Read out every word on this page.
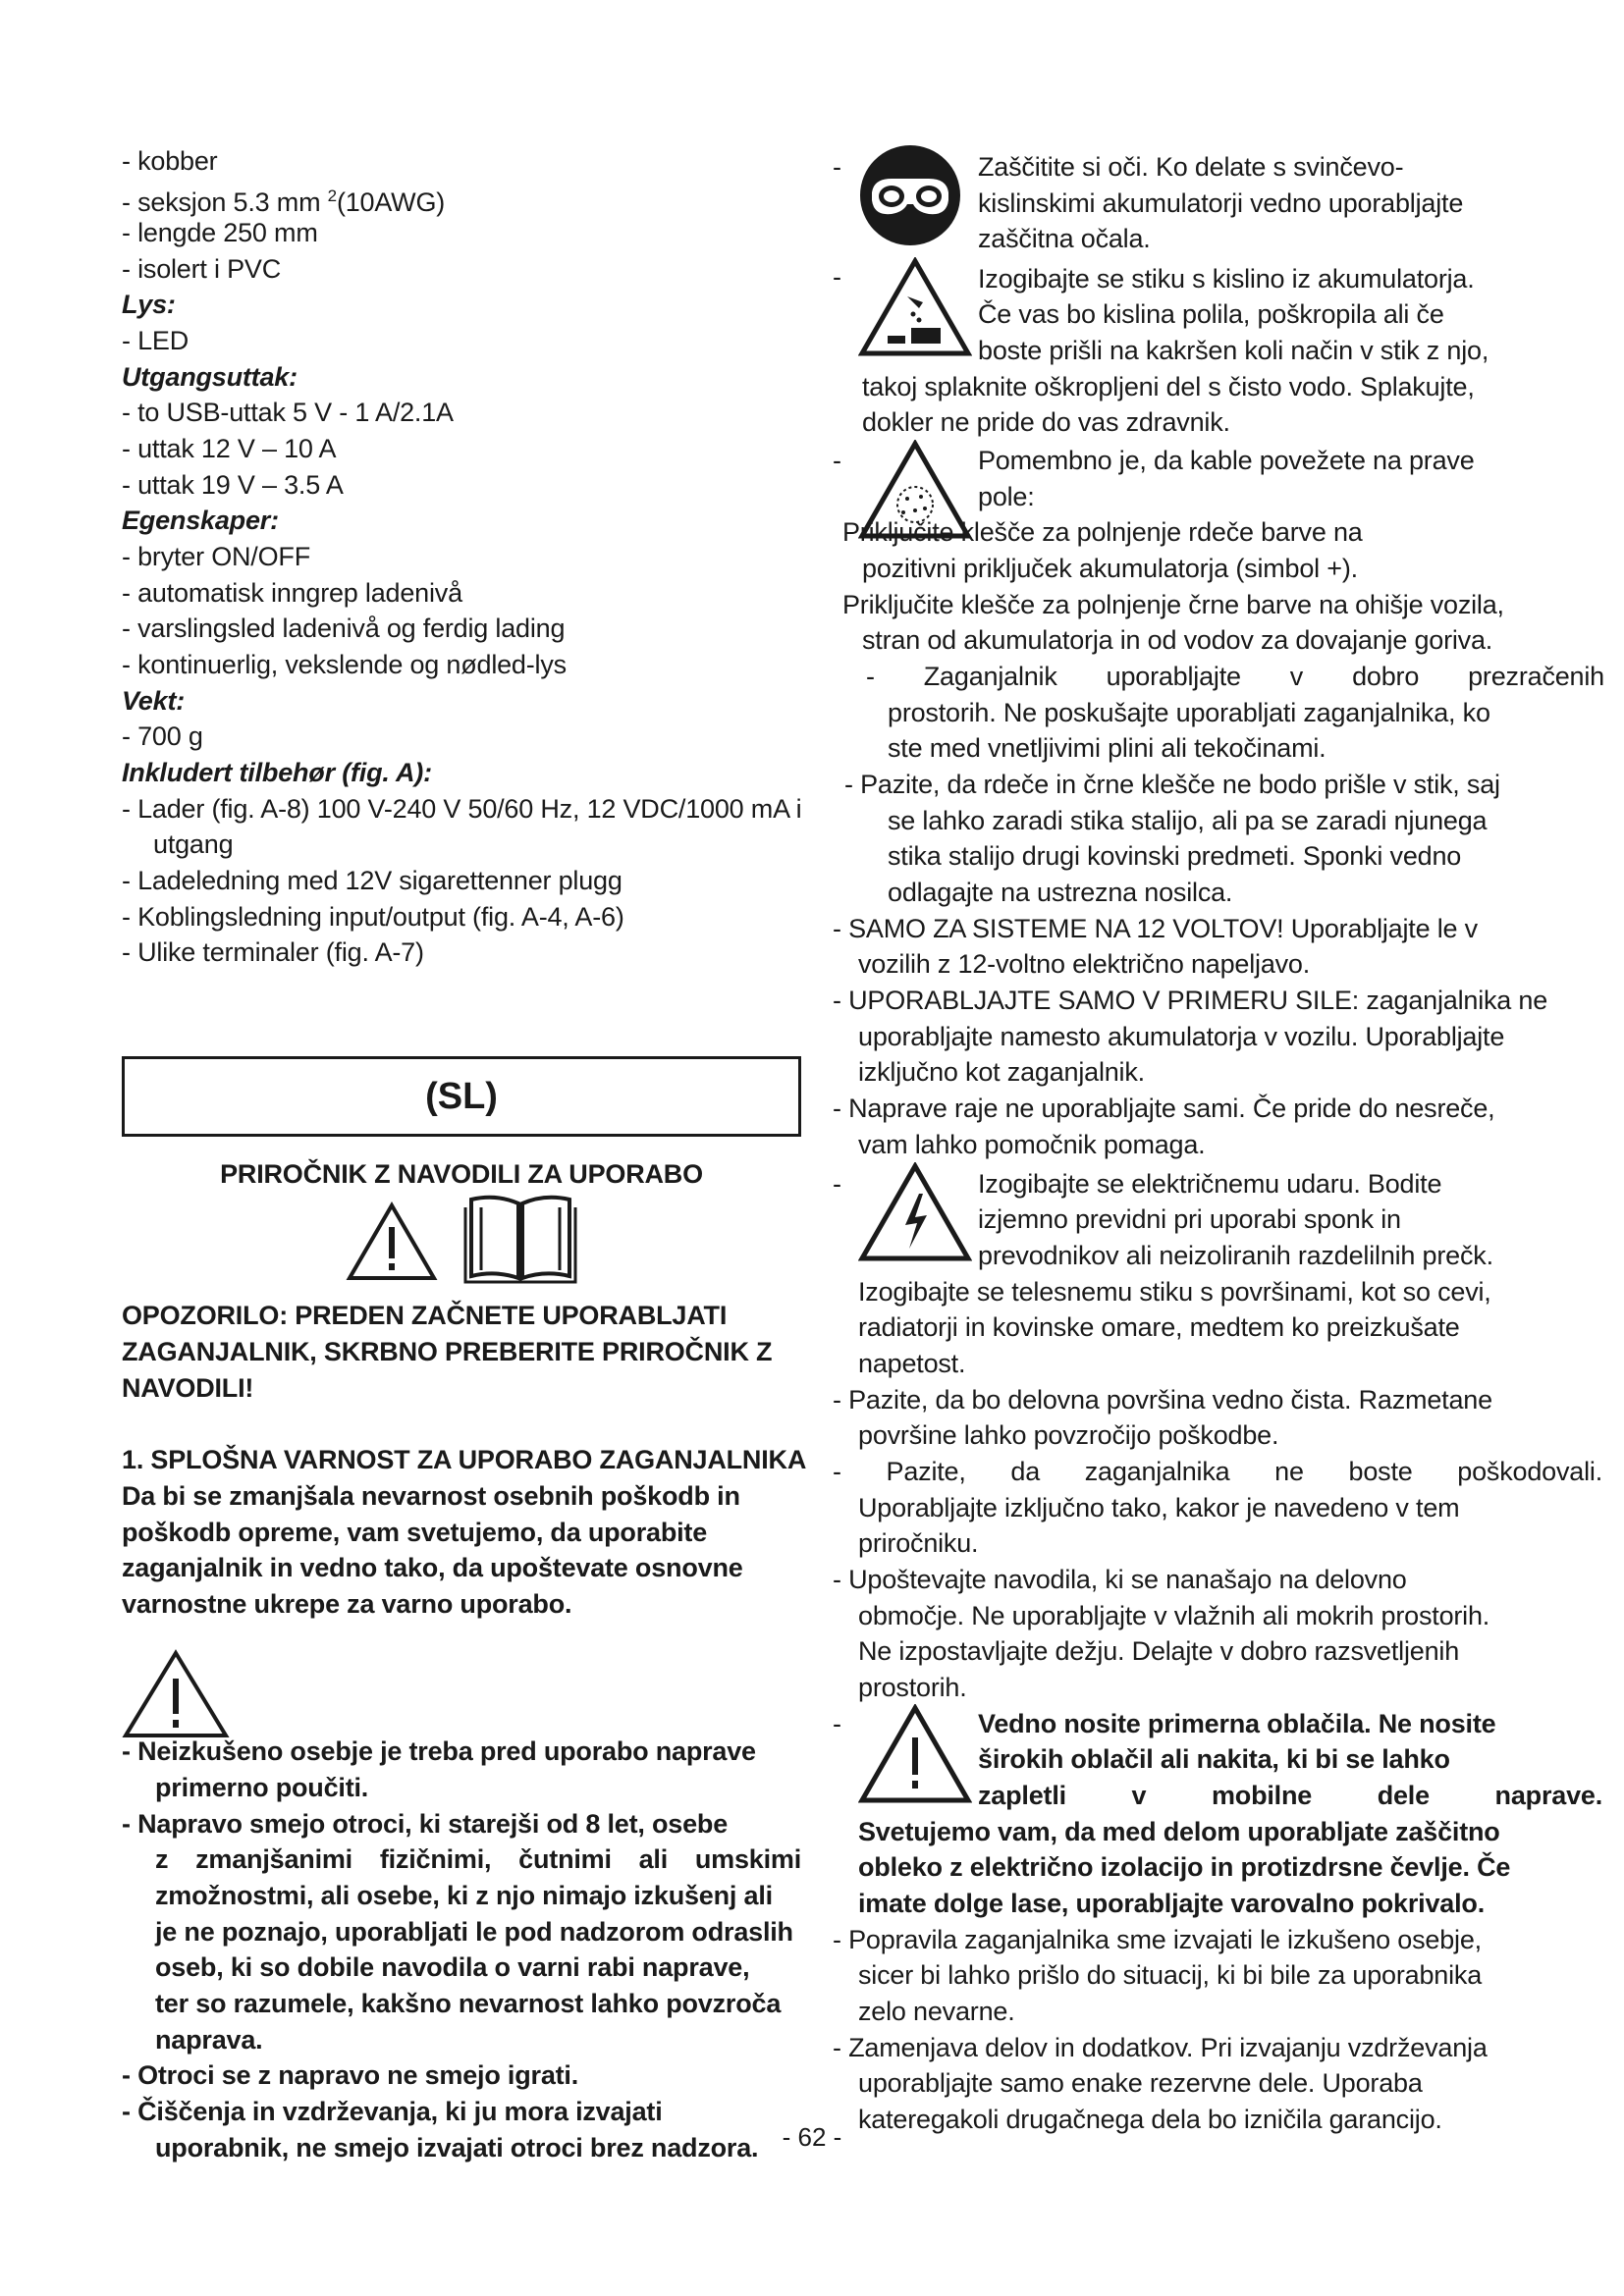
- kobber
- seksjon 5.3 mm $^2$(10AWG)
- lengde 250 mm
- isolert i PVC
Lys:
- LED
Utgangsuttak:
- to USB-uttak 5 V - 1 A/2.1A
- uttak 12 V – 10 A
- uttak 19 V – 3.5 A
Egenskaper:
- bryter ON/OFF
- automatisk inngrep ladenivå
- varslingsled ladenivå og ferdig lading
- kontinuerlig, vekslende og nødled-lys
Vekt:
- 700 g
Inkludert tilbehør (fig. A):
- Lader (fig. A-8) 100 V-240 V 50/60 Hz, 12 VDC/1000 mA i
utgang
- Ladeledning med 12V sigarettenner plugg
- Koblingsledning input/output (fig. A-4, A-6)
- Ulike terminaler (fig. A-7)
(SL)
PRIROČNIK Z NAVODILI ZA UPORABO
OPOZORILO: PREDEN ZAČNETE UPORABLJATI
ZAGANJALNIK, SKRBNO PREBERITE PRIROČNIK Z
NAVODILI!
1. SPLOŠNA VARNOST ZA UPORABO ZAGANJALNIKA
Da bi se zmanjšala nevarnost osebnih poškodb in
poškodb opreme, vam svetujemo, da uporabite
zaganjalnik in vedno tako, da upoštevate osnovne
varnostne ukrepe za varno uporabo.
- Neizkušeno osebje je treba pred uporabo naprave
primerno poučiti.
- Napravo smejo otroci, ki starejši od 8 let, osebe
z zmanjšanimi fizičnimi, čutnimi ali umskimi
zmožnostmi, ali osebe, ki z njo nimajo izkušenj ali
je ne poznajo, uporabljati le pod nadzorom odraslih
oseb, ki so dobile navodila o varni rabi naprave,
ter so razumele, kakšno nevarnost lahko povzroča
naprava.
- Otroci se z napravo ne smejo igrati.
- Čiščenja in vzdrževanja, ki ju mora izvajati
uporabnik, ne smejo izvajati otroci brez nadzora.
-	Zaščitite si oči. Ko delate s svinčevo-
kislinskimi akumulatorji vedno uporabljajte
zaščitna očala.
-	Izogibajte se stiku s kislino iz akumulatorja.
Če vas bo kislina polila, poškropila ali če
boste prišli na kakršen koli način v stik z njo,
takoj splaknite oškropljeni del s čisto vodo. Splakujte,
dokler ne pride do vas zdravnik.
-	Pomembno je, da kable povežete na prave
pole:
Priključite klešče za polnjenje rdeče barve na
pozitivni priključek akumulatorja (simbol +).
Priključite klešče za polnjenje črne barve na ohišje vozila,
stran od akumulatorja in od vodov za dovajanje goriva.
- Zaganjalnik uporabljajte v dobro prezračenih
prostorih. Ne poskušajte uporabljati zaganjalnika, ko
ste med vnetljivimi plini ali tekočinami.
- Pazite, da rdeče in črne klešče ne bodo prišle v stik, saj
se lahko zaradi stika stalijo, ali pa se zaradi njunega
stika stalijo drugi kovinski predmeti. Sponki vedno
odlagajte na ustrezna nosilca.
- SAMO ZA SISTEME NA 12 VOLTOV! Uporabljajte le v
vozilih z 12-voltno električno napeljavo.
- UPORABLJAJTE SAMO V PRIMERU SILE: zaganjalnika ne
uporabljajte namesto akumulatorja v vozilu. Uporabljajte
izključno kot zaganjalnik.
- Naprave raje ne uporabljajte sami. Če pride do nesreče,
vam lahko pomočnik pomaga.
-	Izogibajte se električnemu udaru. Bodite
izjemno previdni pri uporabi sponk in
prevodnikov ali neizoliranih razdelilnih prečk.
Izogibajte se telesnemu stiku s površinami, kot so cevi,
radiatorji in kovinske omare, medtem ko preizkušate
napetost.
- Pazite, da bo delovna površina vedno čista. Razmetane
površine lahko povzročijo poškodbe.
- Pazite, da zaganjalnika ne boste poškodovali.
Uporabljajte izključno tako, kakor je navedeno v tem
priročniku.
- Upoštevajte navodila, ki se nanašajo na delovno
območje. Ne uporabljajte v vlažnih ali mokrih prostorih.
Ne izpostavljajte dežju. Delajte v dobro razsvetljenih
prostorih.
-	Vedno nosite primerna oblačila. Ne nosite
širokih oblačil ali nakita, ki bi se lahko
zapletli v mobilne dele naprave.
Svetujemo vam, da med delom uporabljate zaščitno
obleko z električno izolacijo in protizdrsne čevlje. Če
imate dolge lase, uporabljajte varovalno pokrivalo.
- Popravila zaganjalnika sme izvajati le izkušeno osebje,
sicer bi lahko prišlo do situacij, ki bi bile za uporabnika
zelo nevarne.
- Zamenjava delov in dodatkov. Pri izvajanju vzdrževanja
uporabljajte samo enake rezervne dele. Uporaba
kateregakoli drugačnega dela bo izničila garancijo.
- 62 -
